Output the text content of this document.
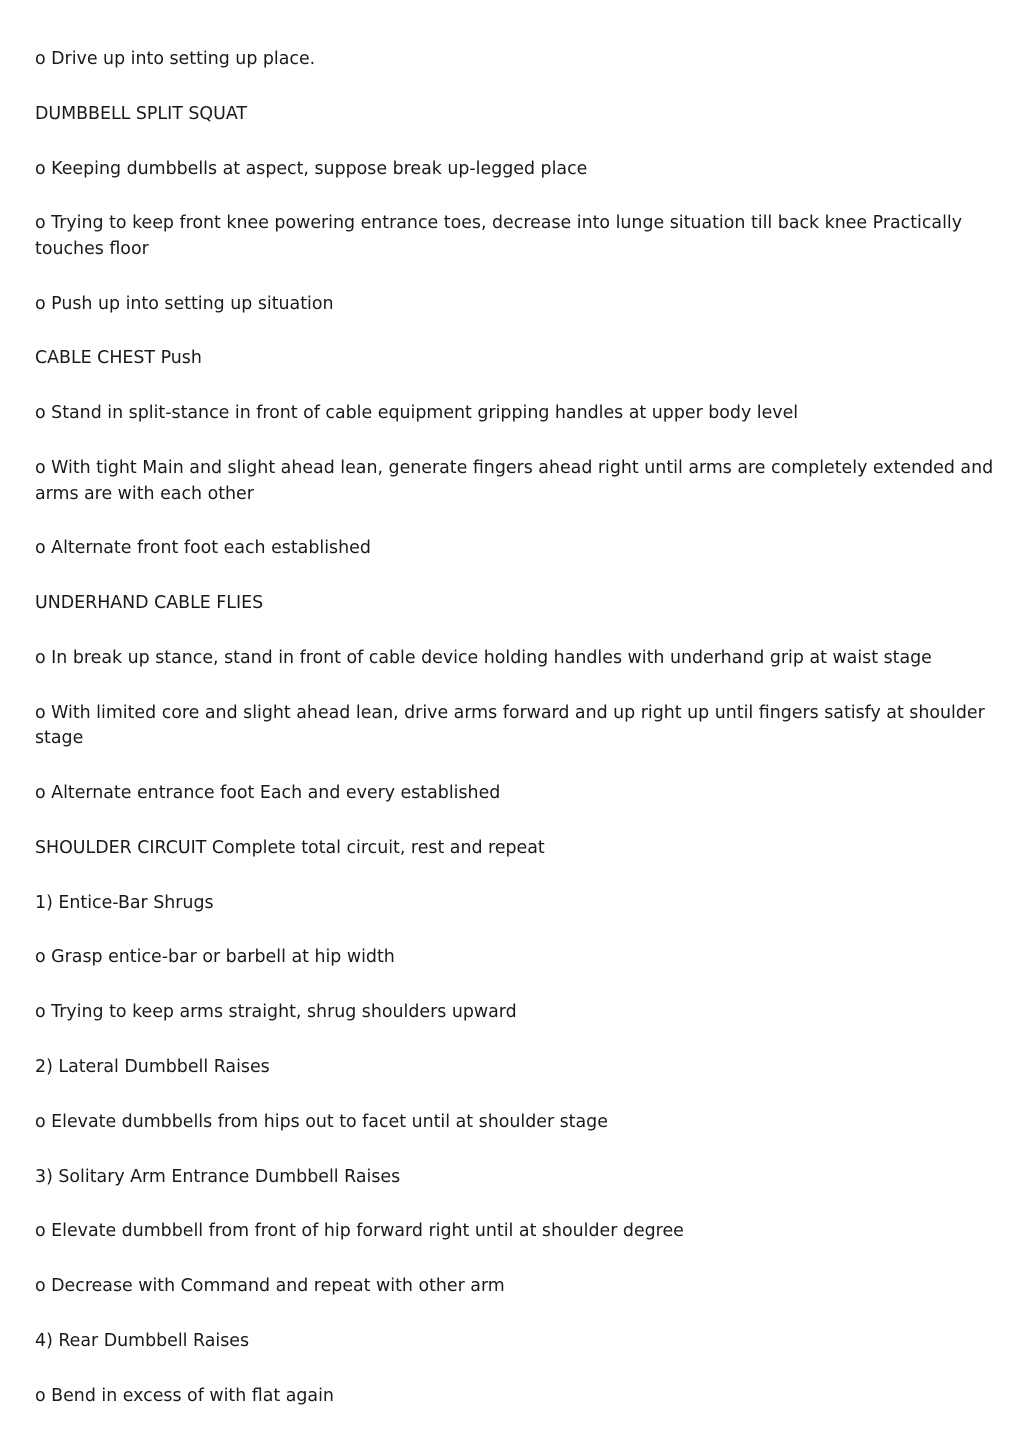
o Drive up into setting up place.

DUMBBELL SPLIT SQUAT

o Keeping dumbbells at aspect, suppose break up-legged place

o Trying to keep front knee powering entrance toes, decrease into lunge situation till back knee Practically touches floor

o Push up into setting up situation

CABLE CHEST Push

o Stand in split-stance in front of cable equipment gripping handles at upper body level

o With tight Main and slight ahead lean, generate fingers ahead right until arms are completely extended and arms are with each other

o Alternate front foot each established

UNDERHAND CABLE FLIES

o In break up stance, stand in front of cable device holding handles with underhand grip at waist stage

o With limited core and slight ahead lean, drive arms forward and up right up until fingers satisfy at shoulder stage

o Alternate entrance foot Each and every established

SHOULDER CIRCUIT Complete total circuit, rest and repeat

1) Entice-Bar Shrugs

o Grasp entice-bar or barbell at hip width

o Trying to keep arms straight, shrug shoulders upward

2) Lateral Dumbbell Raises

o Elevate dumbbells from hips out to facet until at shoulder stage

3) Solitary Arm Entrance Dumbbell Raises

o Elevate dumbbell from front of hip forward right until at shoulder degree

o Decrease with Command and repeat with other arm

4) Rear Dumbbell Raises

o Bend in excess of with flat again
